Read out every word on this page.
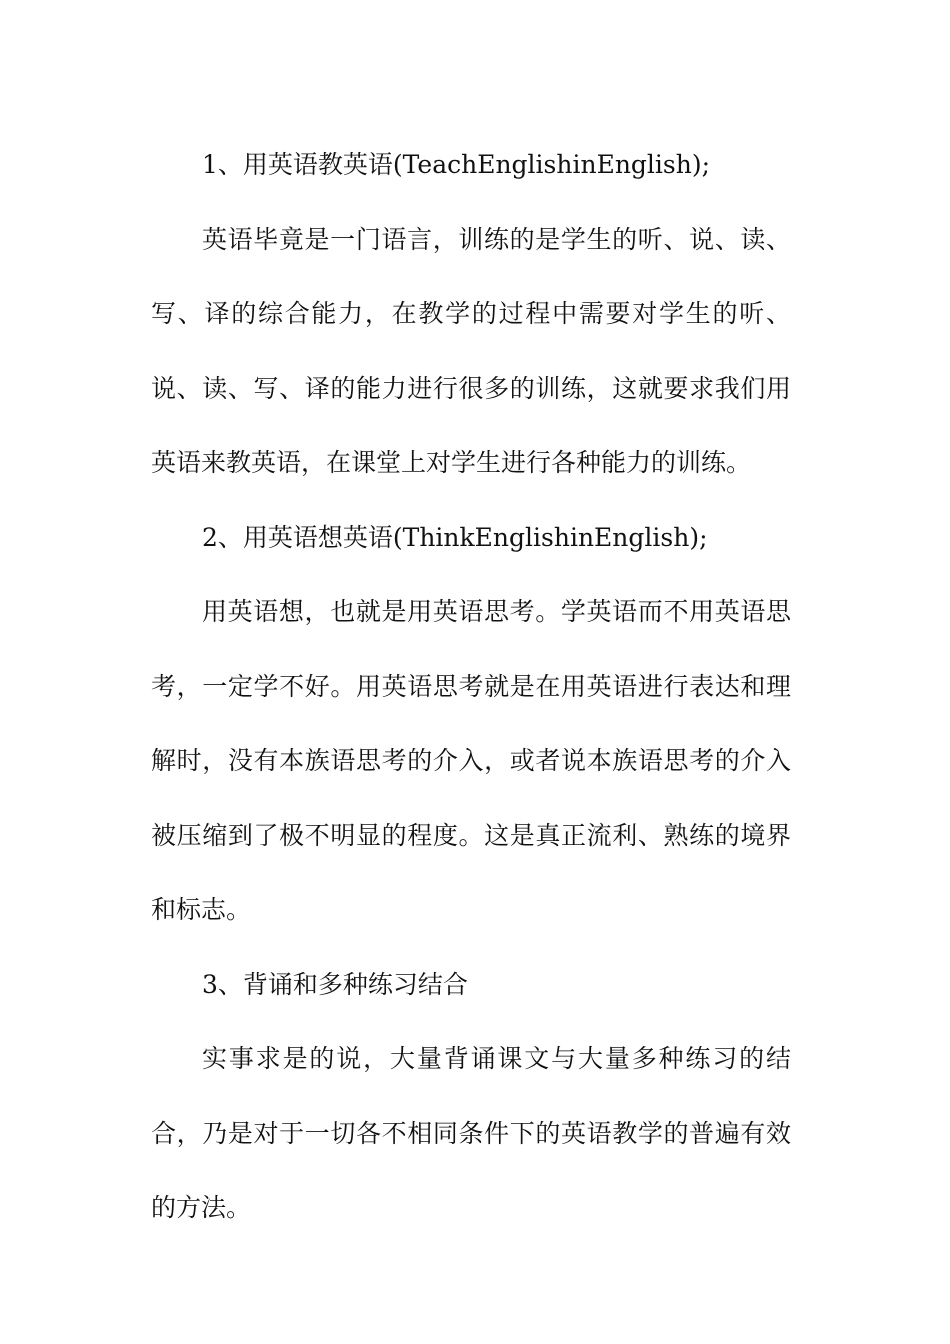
1、用英语教英语(TeachEnglishinEnglish);

英语毕竟是一门语言，训练的是学生的听、说、读、写、译的综合能力，在教学的过程中需要对学生的听、说、读、写、译的能力进行很多的训练，这就要求我们用英语来教英语，在课堂上对学生进行各种能力的训练。

2、用英语想英语(ThinkEnglishinEnglish);

用英语想，也就是用英语思考。学英语而不用英语思考，一定学不好。用英语思考就是在用英语进行表达和理解时，没有本族语思考的介入，或者说本族语思考的介入被压缩到了极不明显的程度。这是真正流利、熟练的境界和标志。

3、背诵和多种练习结合

实事求是的说，大量背诵课文与大量多种练习的结合，乃是对于一切各不相同条件下的英语教学的普遍有效的方法。
